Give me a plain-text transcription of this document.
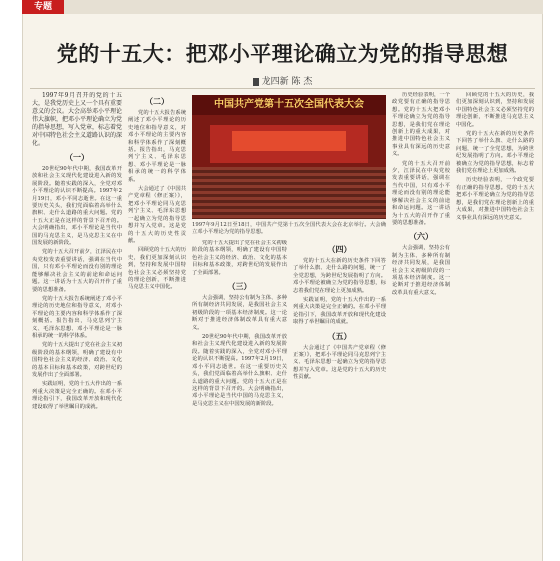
专题
党的十五大：把邓小平理论确立为党的指导思想
龙四新 陈 杰
中国共产党第十五次全国代表大会
1997年9月12日至18日，中国共产党第十五次全国代表大会在北京举行。大会确立邓小平理论为党的指导思想。

1997年9月召开的党的十五大，是我党历史上又一个具有重要意义的会议。大会高举邓小平理论伟大旗帜，把邓小平理论确立为党的指导思想，写入党章，标志着党对中国特色社会主义道路认识的深化。

（一）

20世纪90年代中期，我国改革开放和社会主义现代化建设进入新的发展阶段。随着实践的深入，全党对邓小平理论的认识不断提高。1997年2月19日，邓小平同志逝世。在这一重要历史关头，我们党面临着高举什么旗帜、走什么道路的重大问题。党的十五大正是在这样的背景下召开的。大会明确指出，邓小平理论是当代中国的马克思主义，是马克思主义在中国发展的新阶段。

党的十五大召开前夕，江泽民在中央党校发表重要讲话，强调在当代中国，只有邓小平理论而没有别的理论能够解决社会主义的前途和命运问题。这一讲话为十五大的召开作了重要的思想准备。

党的十五大报告系统阐述了邓小平理论的历史地位和指导意义，对邓小平理论的主要内容和科学体系作了深刻概括。报告指出，马克思列宁主义、毛泽东思想、邓小平理论是一脉相承的统一的科学体系。

党的十五大提出了党在社会主义初级阶段的基本纲领，明确了建设有中国特色社会主义的经济、政治、文化的基本目标和基本政策，对跨世纪的发展作出了全面部署。

实践证明，党的十五大作出的一系列重大决策是完全正确的。在邓小平理论指引下，我国改革开放和现代化建设取得了举世瞩目的成就。

（二）

党的十五大报告系统阐述了邓小平理论的历史地位和指导意义，对邓小平理论的主要内容和科学体系作了深刻概括。报告指出，马克思列宁主义、毛泽东思想、邓小平理论是一脉相承的统一的科学体系。

大会通过了《中国共产党章程（修正案）》，把邓小平理论同马克思列宁主义、毛泽东思想一起确立为党的指导思想并写入党章。这是党的十五大的历史性贡献。

回顾党的十五大的历史，我们更加深刻认识到，坚持和发展中国特色社会主义必须坚持党的理论创新，不断推进马克思主义中国化。

党的十五大提出了党在社会主义初级阶段的基本纲领，明确了建设有中国特色社会主义的经济、政治、文化的基本目标和基本政策，对跨世纪的发展作出了全面部署。

（三）

大会强调，坚持公有制为主体、多种所有制经济共同发展，是我国社会主义初级阶段的一项基本经济制度。这一论断对于推进经济体制改革具有重大意义。

20世纪90年代中期，我国改革开放和社会主义现代化建设进入新的发展阶段。随着实践的深入，全党对邓小平理论的认识不断提高。1997年2月19日，邓小平同志逝世。在这一重要历史关头，我们党面临着高举什么旗帜、走什么道路的重大问题。党的十五大正是在这样的背景下召开的。大会明确指出，邓小平理论是当代中国的马克思主义，是马克思主义在中国发展的新阶段。

（四）

党的十五大在新的历史条件下回答了举什么旗、走什么路的问题，统一了全党思想，为跨世纪发展指明了方向。邓小平理论被确立为党的指导思想，标志着我们党在理论上更加成熟。

实践证明，党的十五大作出的一系列重大决策是完全正确的。在邓小平理论指引下，我国改革开放和现代化建设取得了举世瞩目的成就。

（五）

大会通过了《中国共产党章程（修正案）》，把邓小平理论同马克思列宁主义、毛泽东思想一起确立为党的指导思想并写入党章。这是党的十五大的历史性贡献。

历史经验表明，一个政党要有正确的指导思想。党的十五大把邓小平理论确立为党的指导思想，是我们党在理论创新上的重大成果，对推进中国特色社会主义事业具有深远的历史意义。

党的十五大召开前夕，江泽民在中央党校发表重要讲话，强调在当代中国，只有邓小平理论而没有别的理论能够解决社会主义的前途和命运问题。这一讲话为十五大的召开作了重要的思想准备。

（六）

大会强调，坚持公有制为主体、多种所有制经济共同发展，是我国社会主义初级阶段的一项基本经济制度。这一论断对于推进经济体制改革具有重大意义。

回顾党的十五大的历史，我们更加深刻认识到，坚持和发展中国特色社会主义必须坚持党的理论创新，不断推进马克思主义中国化。

党的十五大在新的历史条件下回答了举什么旗、走什么路的问题，统一了全党思想，为跨世纪发展指明了方向。邓小平理论被确立为党的指导思想，标志着我们党在理论上更加成熟。

历史经验表明，一个政党要有正确的指导思想。党的十五大把邓小平理论确立为党的指导思想，是我们党在理论创新上的重大成果，对推进中国特色社会主义事业具有深远的历史意义。
